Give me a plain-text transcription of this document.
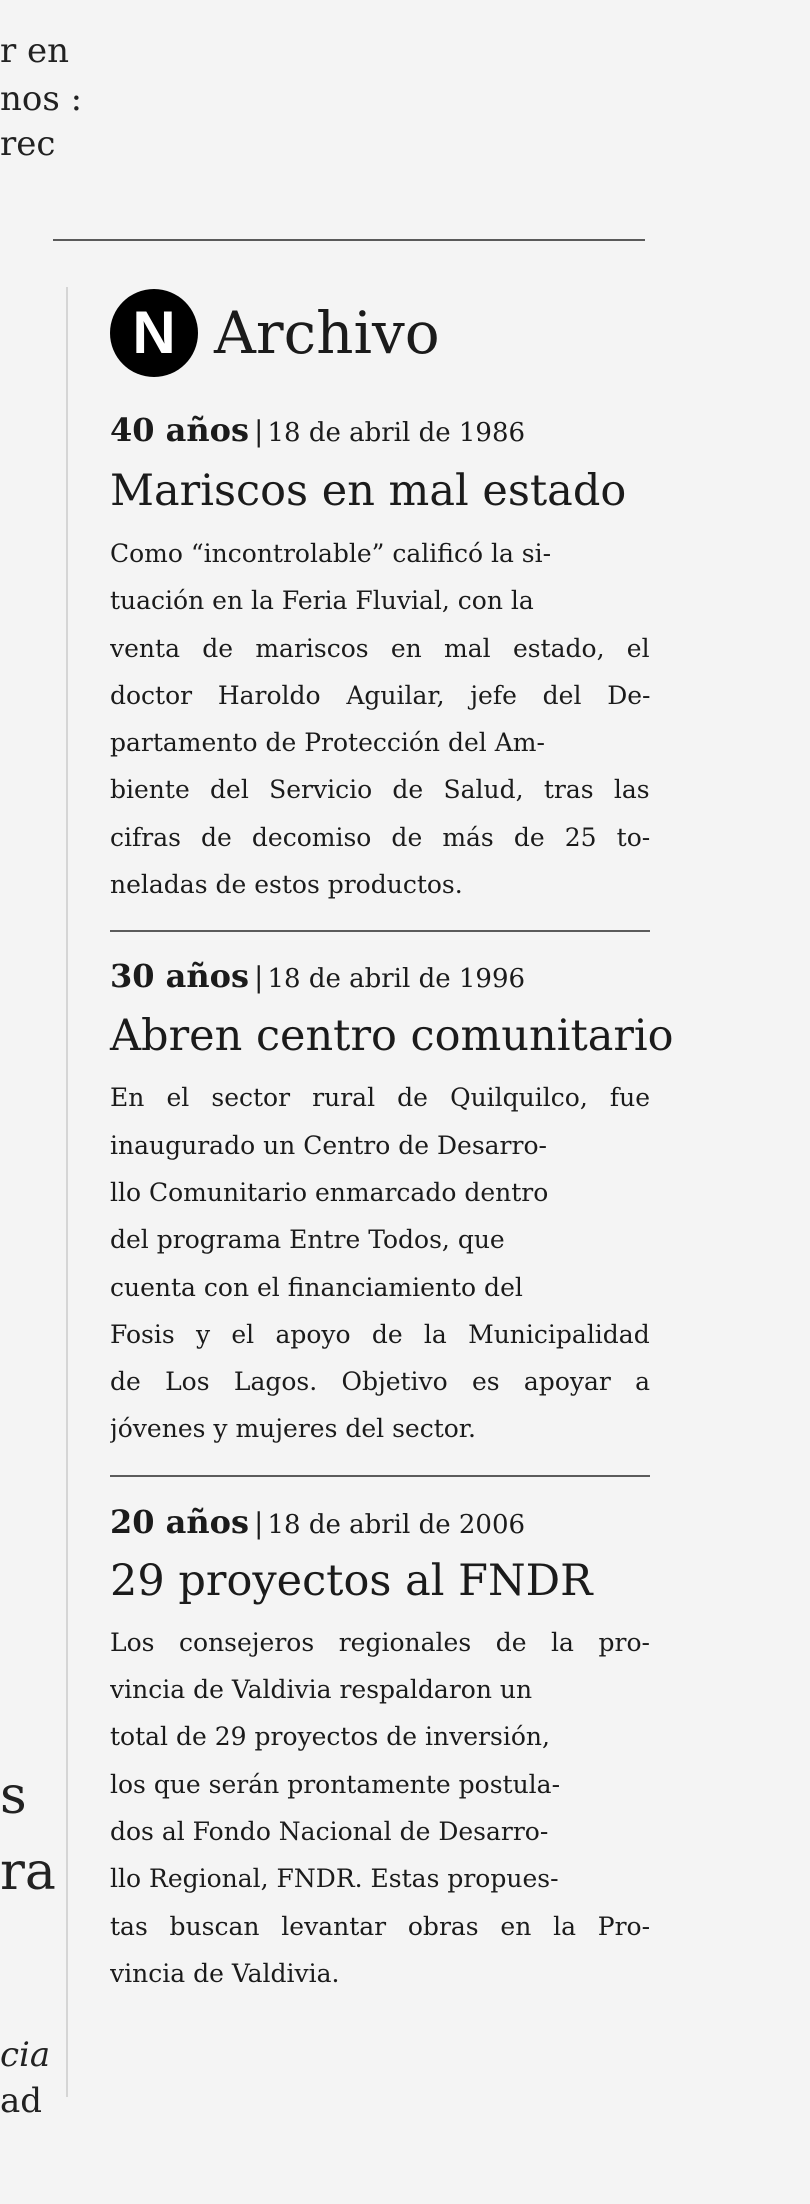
r en
nos :
rec
s
ra
cia
ad
N Archivo
40 años | 18 de abril de 1986
Mariscos en mal estado

Como “incontrolable” calificó la si-
tuación en la Feria Fluvial, con la
venta de mariscos en mal estado, el
doctor Haroldo Aguilar, jefe del De-
partamento de Protección del Am-
biente del Servicio de Salud, tras las
cifras de decomiso de más de 25 to-
neladas de estos productos.

30 años | 18 de abril de 1996
Abren centro comunitario

En el sector rural de Quilquilco, fue
inaugurado un Centro de Desarro-
llo Comunitario enmarcado dentro
del programa Entre Todos, que
cuenta con el financiamiento del
Fosis y el apoyo de la Municipalidad
de Los Lagos. Objetivo es apoyar a
jóvenes y mujeres del sector.

20 años | 18 de abril de 2006
29 proyectos al FNDR

Los consejeros regionales de la pro-
vincia de Valdivia respaldaron un
total de 29 proyectos de inversión,
los que serán prontamente postula-
dos al Fondo Nacional de Desarro-
llo Regional, FNDR. Estas propues-
tas buscan levantar obras en la Pro-
vincia de Valdivia.
